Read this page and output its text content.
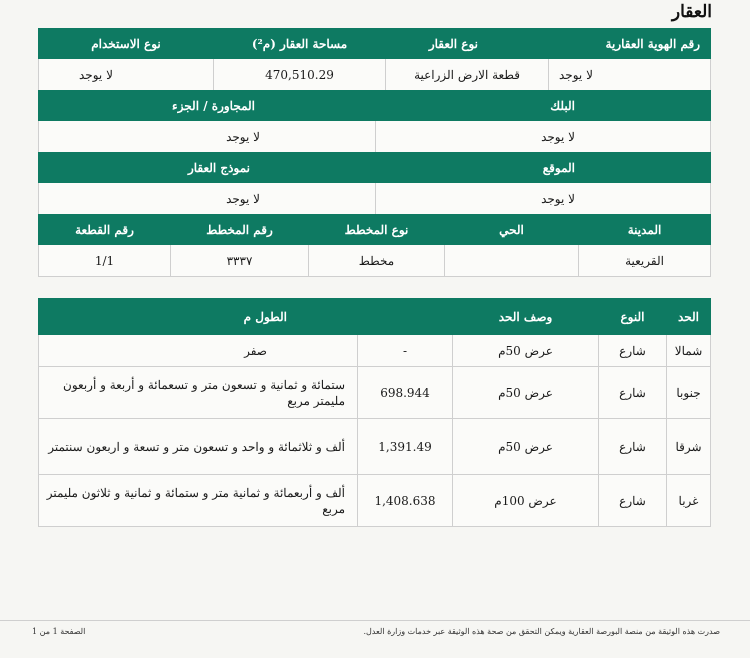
العقار
رقم الهوية العقارية	نوع العقار	مساحة العقار (م²)	نوع الاستخدام
لا يوجد	قطعة الارض الزراعية	470,510.29	لا يوجد
البلك	المجاورة / الجزء
لا يوجد	لا يوجد
الموقع	نموذج العقار
لا يوجد	لا يوجد
المدينة	الحي	نوع المخطط	رقم المخطط	رقم القطعة
القريعية		مخطط	٣٣٣٧	1/1
الحد	النوع	وصف الحد		الطول م
شمالا	شارع	عرض 50م	-	صفر
جنوبا	شارع	عرض 50م	698.944	ستمائة و ثمانية و تسعون متر و تسعمائة و أربعة و أربعون مليمتر مربع
شرقا	شارع	عرض 50م	1,391.49	ألف و ثلاثمائة و واحد و تسعون متر و تسعة و اربعون سنتمتر
غربا	شارع	عرض 100م	1,408.638	ألف و أربعمائة و ثمانية متر و ستمائة و ثمانية و ثلاثون مليمتر مربع
صدرت هذه الوثيقة من منصة البورصة العقارية ويمكن التحقق من صحة هذه الوثيقة عبر خدمات وزارة العدل.
الصفحة 1 من 1
